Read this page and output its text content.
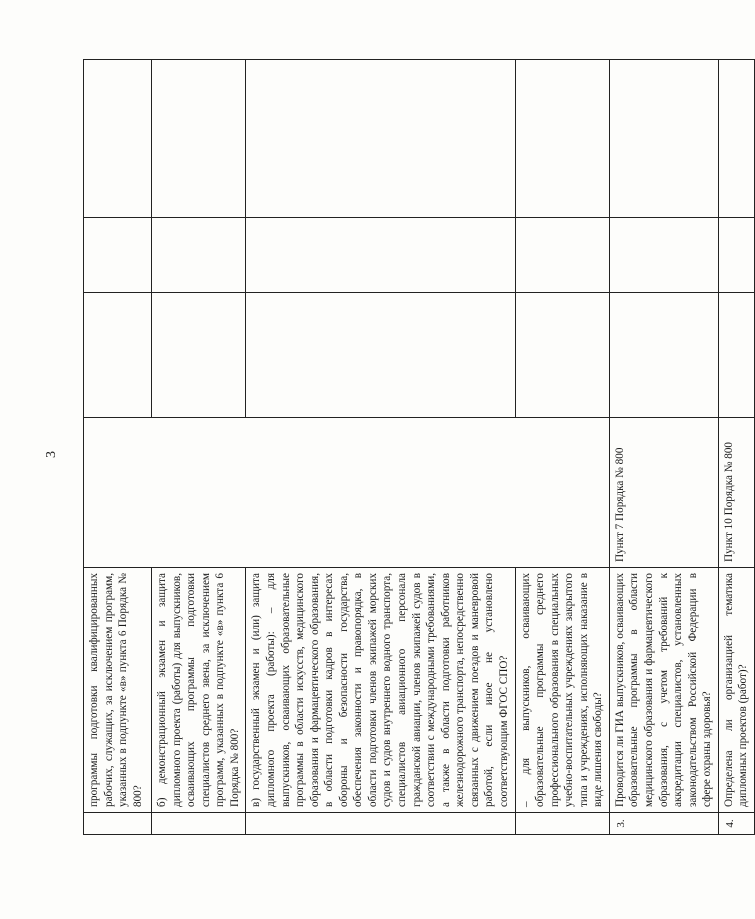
3
	программы подготовки квалифицированных рабочих, служащих, за исключением программ, указанных в подпункте «в» пункта 6 Порядка № 800?				
	б) демонстрационный экзамен и защита дипломного проекта (работы) для выпускников, осваивающих программы подготовки специалистов среднего звена, за исключением программ, указанных в подпункте «в» пункта 6 Порядка № 800?				
	в) государственный экзамен и (или) защита дипломного проекта (работы): – для выпускников, осваивающих образовательные программы в области искусств, медицинского образования и фармацевтического образования, в области подготовки кадров в интересах обороны и безопасности государства, обеспечения законности и правопорядка, в области подготовки членов экипажей морских судов и судов внутреннего водного транспорта, специалистов авиационного персонала гражданской авиации, членов экипажей судов в соответствии с международными требованиями, а также в области подготовки работников железнодорожного транспорта, непосредственно связанных с движением поездов и маневровой работой, если иное не установлено соответствующим ФГОС СПО?				
	– для выпускников, осваивающих образовательные программы среднего профессионального образования в специальных учебно-воспитательных учреждениях закрытого типа и учреждениях, исполняющих наказание в виде лишения свободы?				
3.	Проводится ли ГИА выпускников, осваивающих образовательные программы в области медицинского образования и фармацевтического образования, с учетом требований к аккредитации специалистов, установленных законодательством Российской Федерации в сфере охраны здоровья?	Пункт 7 Порядка № 800			
4.	Определена ли организацией тематика дипломных проектов (работ)?	Пункт 10 Порядка № 800			
